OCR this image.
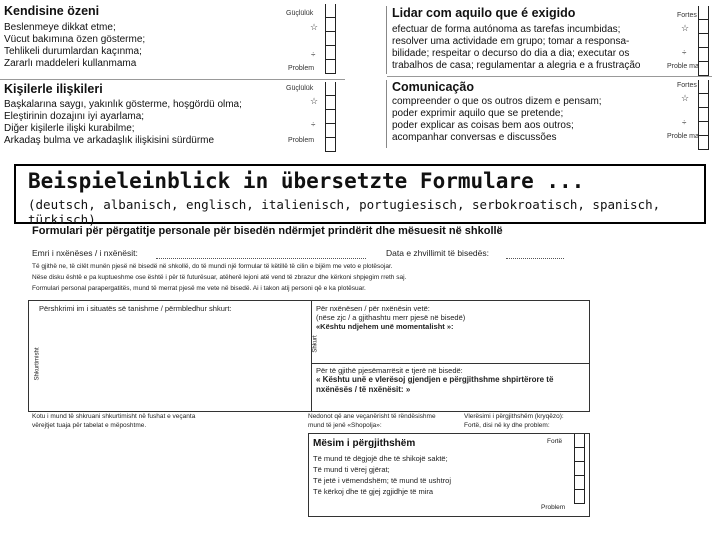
Kendisine özeni
Beslenmeye dikkat etme;
Vücut bakımına özen gösterme;
Tehlikeli durumlardan kaçınma;
Zararlı maddeleri kullanmama
Güçlülük
☆
÷
Problem
Kişilerle ilişkileri
Başkalarına saygı, yakınlık gösterme, hoşgördü olma;
Eleştirinin dozajını iyi ayarlama;
Diğer kişilerle ilişki kurabilme;
Arkadaş bulma ve arkadaşlık ilişkisini sürdürme
Güçlülük
☆
÷
Problem
Lidar com aquilo que é exigido
efectuar de forma autónoma as tarefas incumbidas;
resolver uma actividade em grupo; tomar a responsa-
bilidade; respeitar o decurso do dia a dia; executar os
trabalhos de casa; regulamentar a alegria e a frustração
Fortes
☆
÷
Proble ma
Comunicação
compreender o que os outros dizem e pensam;
poder exprimir aquilo que se pretende;
poder explicar as coisas bem aos outros;
acompanhar conversas e discussões
Fortes
☆
÷
Proble ma
Beispieleinblick in übersetzte Formulare ...
(deutsch, albanisch, englisch, italienisch, portugiesisch, serbokroatisch, spanisch, türkisch)
Formulari për përgatitje personale për bisedën ndërmjet prindërit dhe mësuesit në shkollë
Emri i nxënëses / i nxënësit:	Data e zhvillimit të bisedës:
Të gjithë ne, të cilët munën pjesë në bisedë në shkollë, do të mundi një formular të këtillë të cilin e bijëm me veto e plotësojar.
Nëse disku është e pa kuptueshme ose është i për të futurësuar, atëherë lejoni atë vend të zbrazur dhe kërkoni shpjegim rreth saj.
Formulari personal parapergatitës, mund të merrat pjesë me vete në bisedë. Ai i takon atij personi që e ka plotësuar.
Përshkrimi im i situatës së tanishme / përmbledhur shkurt:
Shkurtimisht
Për nxënësen / për nxënësin vetë:
(nëse zjc / a gjithashtu merr pjesë në bisedë)
«Kështu ndjehem unë momentalisht »:
Shkurt
Për të gjithë pjesëmarrësit e tjerë në bisedë:
« Kështu unë e vlerësoj gjendjen e përgjithshme shpirtërore të
nxënësës / të nxënësit: »
Kotu i mund të shkruani shkurtimisht në fushat e veçanta
vërejtjet tuaja për tabelat e mëposhtme.
Nedonot që ane veçanërisht të rëndësishme
mund të jenë «Shopolja»:
Vlerësimi i përgjithshëm (kryqëzo):
Fortë, disi në ky dhe problem:
Mësim i përgjithshëm
Të mund të dëgjojë dhe të shikojë saktë;
Të mund ti vërej gjërat;
Të jetë i vëmendshëm; të mund të ushtroj
Të kërkoj dhe të gjej zgjidhje të mira
Fortë
Problem
